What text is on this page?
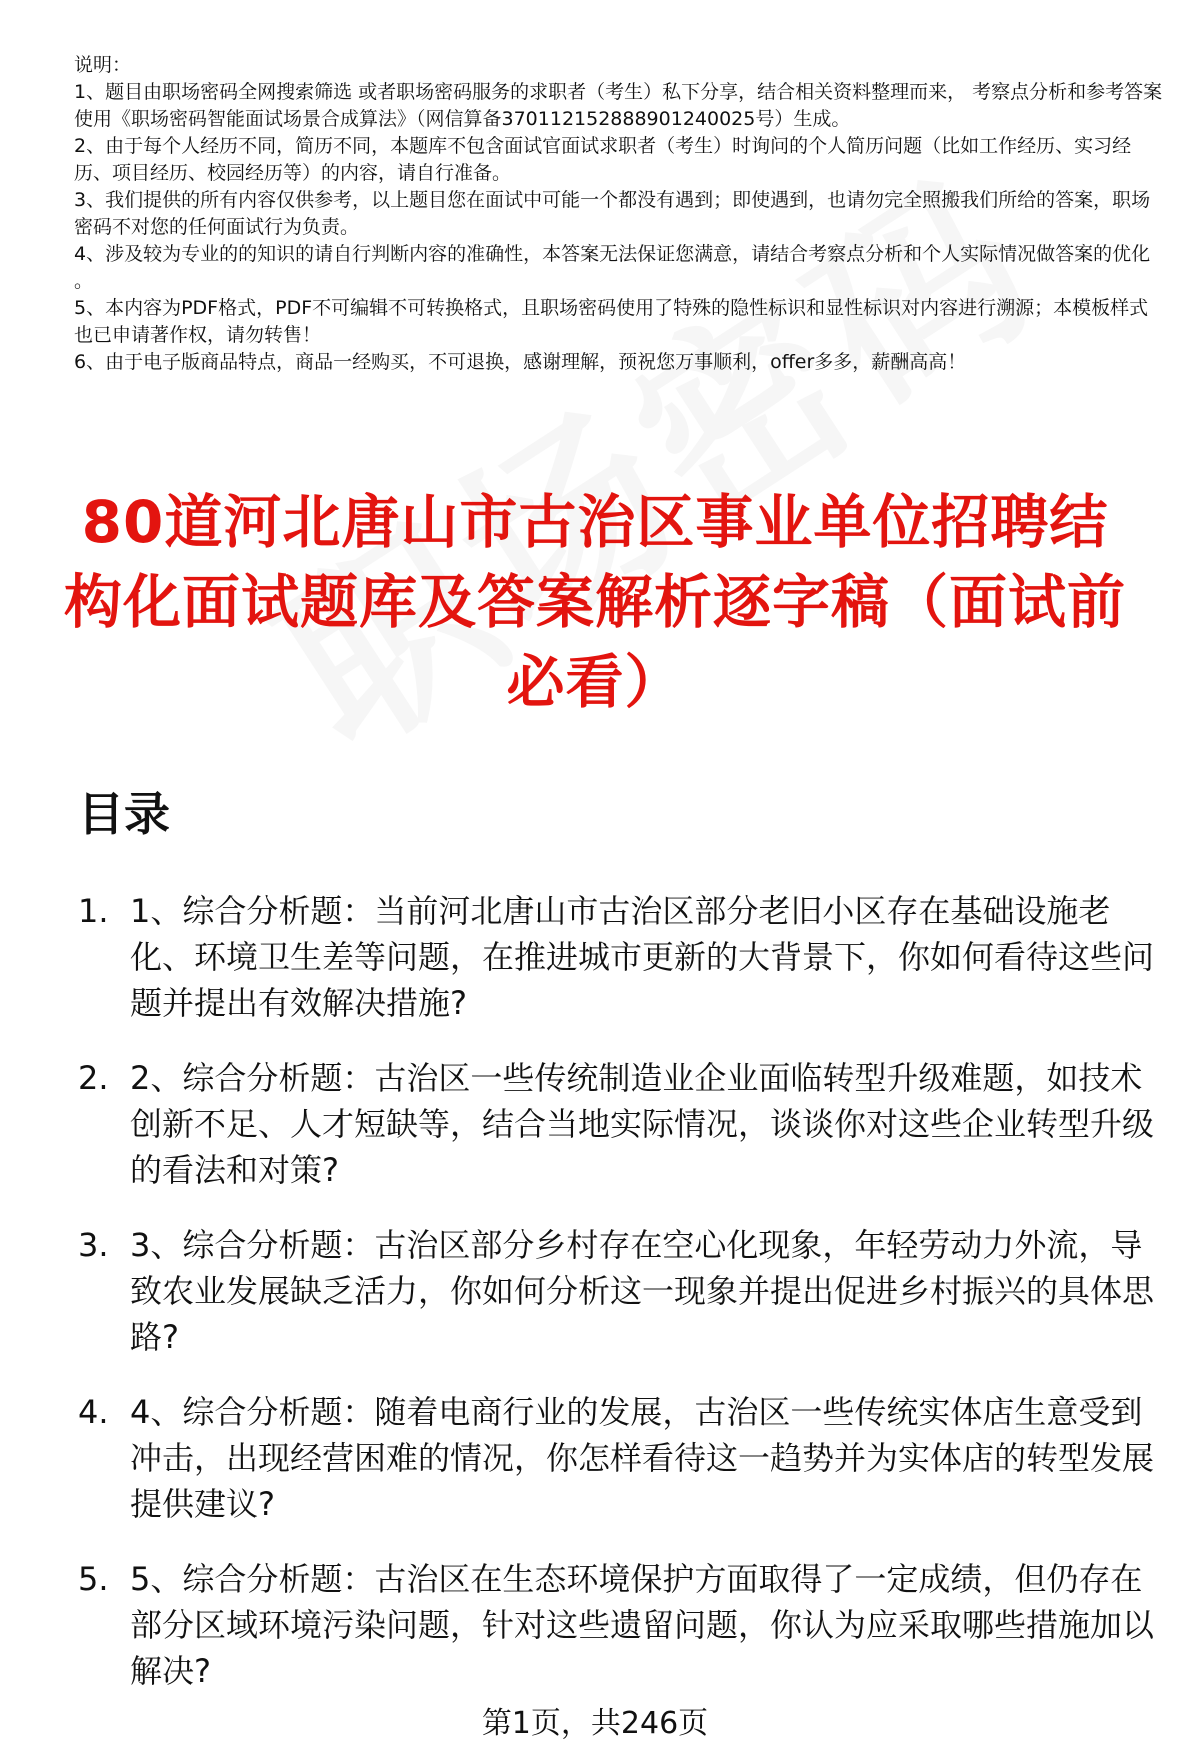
说明：

1、题目由职场密码全网搜索筛选 或者职场密码服务的求职者（考生）私下分享，结合相关资料整理而来， 考察点分析和参考答案使用《职场密码智能面试场景合成算法》（网信算备370112152888901240025号）生成。

2、由于每个人经历不同，简历不同，本题库不包含面试官面试求职者（考生）时询问的个人简历问题（比如工作经历、实习经历、项目经历、校园经历等）的内容，请自行准备。

3、我们提供的所有内容仅供参考，以上题目您在面试中可能一个都没有遇到；即使遇到，也请勿完全照搬我们所给的答案，职场密码不对您的任何面试行为负责。

4、涉及较为专业的的知识的请自行判断内容的准确性，本答案无法保证您满意，请结合考察点分析和个人实际情况做答案的优化 。

5、本内容为PDF格式，PDF不可编辑不可转换格式，且职场密码使用了特殊的隐性标识和显性标识对内容进行溯源；本模板样式也已申请著作权，请勿转售！

6、由于电子版商品特点，商品一经购买，不可退换，感谢理解，预祝您万事顺利，offer多多，薪酬高高！

80道河北唐山市古治区事业单位招聘结构化面试题库及答案解析逐字稿（面试前必看）
目录
1. 1、综合分析题：当前河北唐山市古治区部分老旧小区存在基础设施老化、环境卫生差等问题，在推进城市更新的大背景下，你如何看待这些问题并提出有效解决措施?
2. 2、综合分析题：古治区一些传统制造业企业面临转型升级难题，如技术创新不足、人才短缺等，结合当地实际情况，谈谈你对这些企业转型升级的看法和对策?
3. 3、综合分析题：古治区部分乡村存在空心化现象，年轻劳动力外流，导致农业发展缺乏活力，你如何分析这一现象并提出促进乡村振兴的具体思路?
4. 4、综合分析题：随着电商行业的发展，古治区一些传统实体店生意受到冲击，出现经营困难的情况，你怎样看待这一趋势并为实体店的转型发展提供建议?
5. 5、综合分析题：古治区在生态环境保护方面取得了一定成绩，但仍存在部分区域环境污染问题，针对这些遗留问题，你认为应采取哪些措施加以解决?

第1页，共246页
